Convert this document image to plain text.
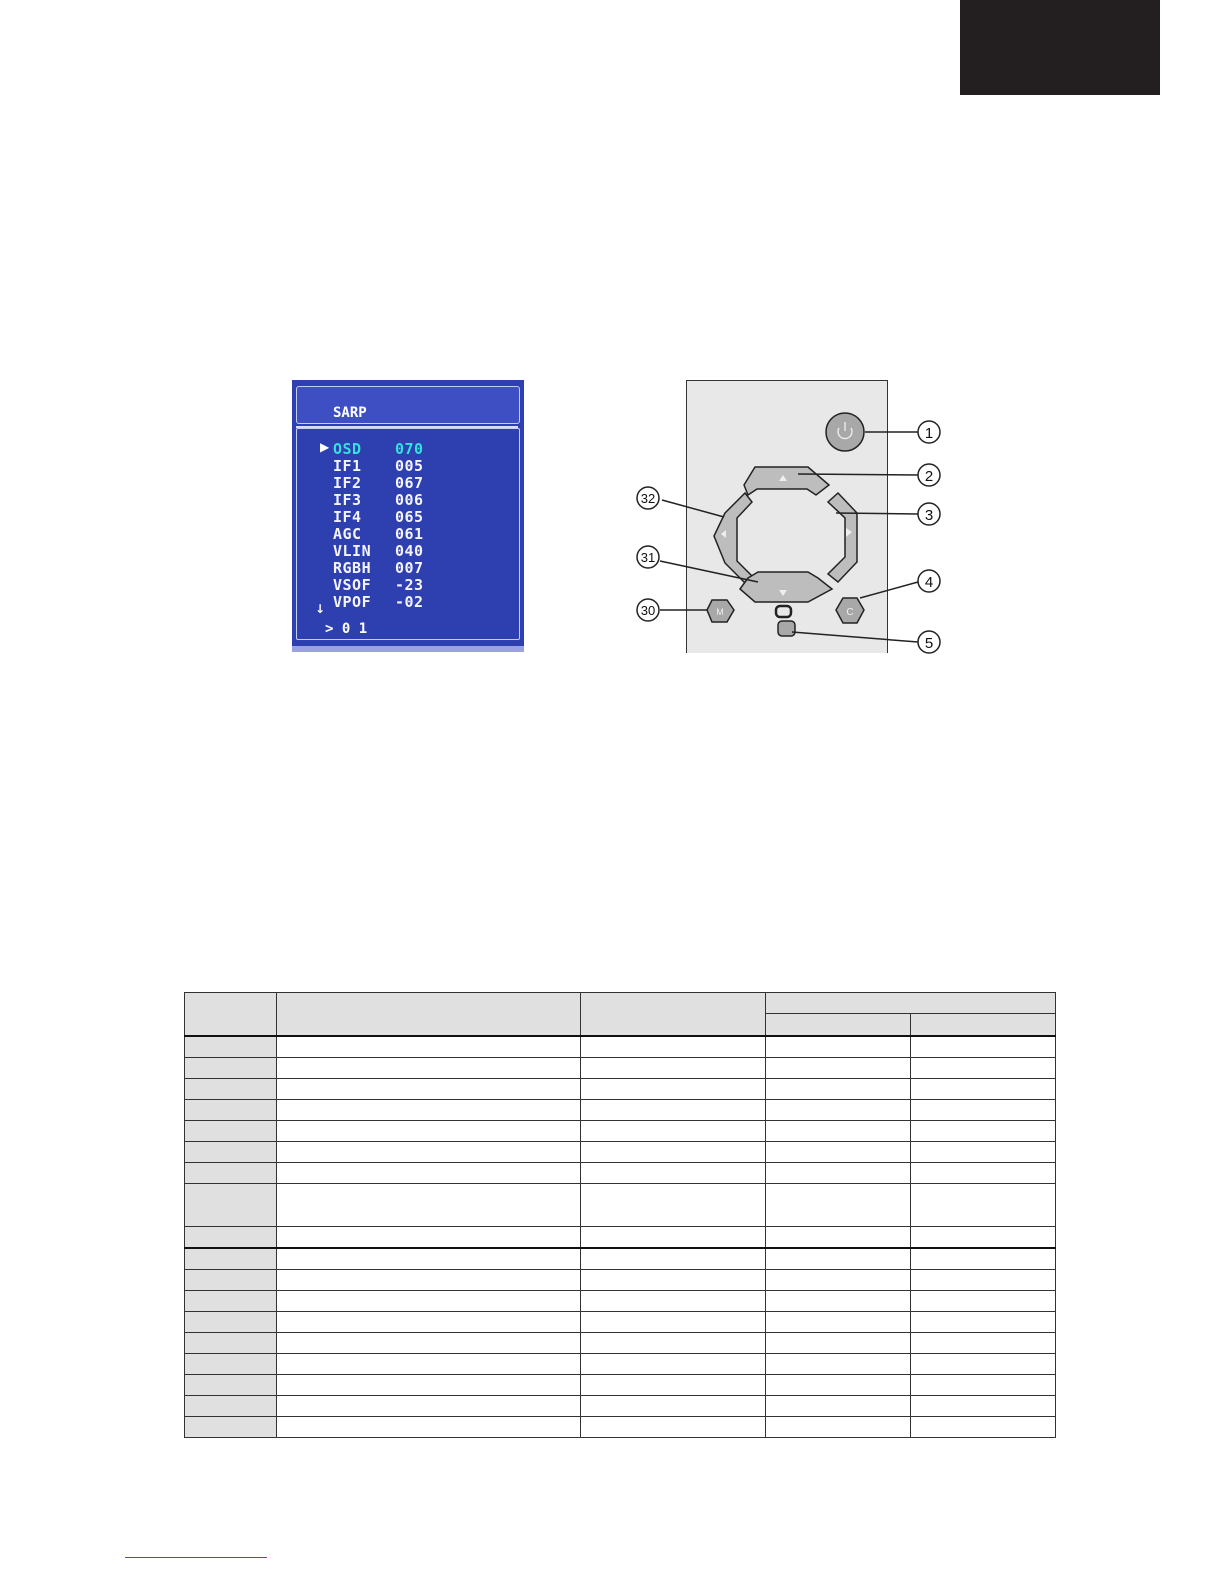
SARP
▶ OSD 070
IF1 005
IF2 067
IF3 006
IF4 065
AGC 061
VLIN 040
RGBH 007
VSOF -23
VPOF -02
↓
> 0 1
1
2
3
4
5
32
31
30	M	C
